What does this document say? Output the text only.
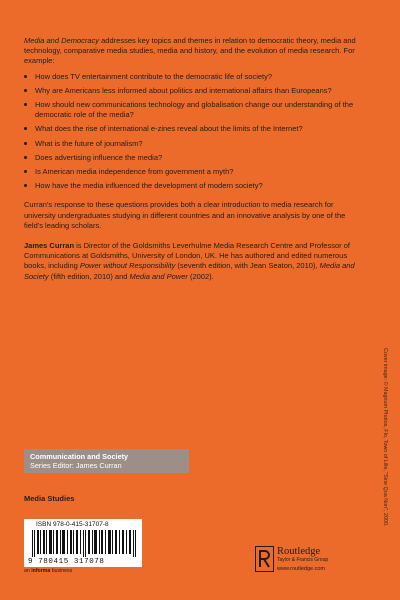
Media and Democracy addresses key topics and themes in relation to democratic theory, media and technology, comparative media studies, media and history, and the evolution of media research. For example:

How does TV entertainment contribute to the democratic life of society?
Why are Americans less informed about politics and international affairs than Europeans?
How should new communications technology and globalisation change our understanding of the democratic role of the media?
What does the rise of international e-zines reveal about the limits of the Internet?
What is the future of journalism?
Does advertising influence the media?
Is American media independence from government a myth?
How have the media influenced the development of modern society?

Curran's response to these questions provides both a clear introduction to media research for university undergraduates studying in different countries and an innovative analysis by one of the field's leading scholars.

James Curran is Director of the Goldsmiths Leverhulme Media Research Centre and Professor of Communications at Goldsmiths, University of London, UK. He has authored and edited numerous books, including Power without Responsibility (seventh edition, with Jean Seaton, 2010), Media and Society (fifth edition, 2010) and Media and Power (2002).

Cover image: © Magnum Photos, Flo, Town of Lille, "Sine Qua Non", 2000.
Communication and Society
Series Editor: James Curran
Media Studies
ISBN 978-0-415-31707-8
9 780415 317078
an informa business
Routledge
Taylor & Francis Group
www.routledge.com
